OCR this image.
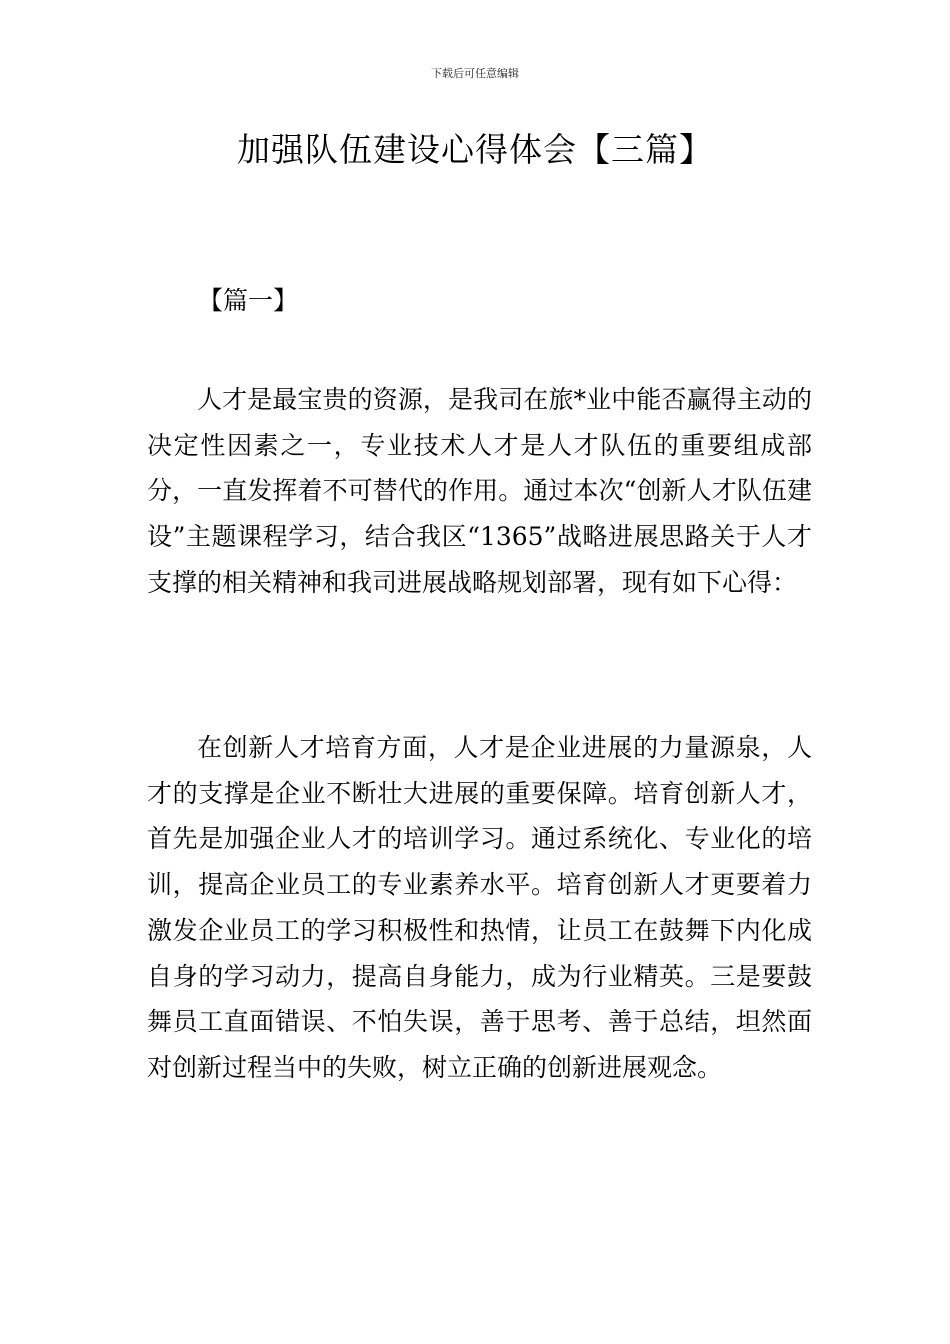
下载后可任意编辑
加强队伍建设心得体会【三篇】

【篇一】

人才是最宝贵的资源，是我司在旅*业中能否赢得主动的决定性因素之一，专业技术人才是人才队伍的重要组成部分，一直发挥着不可替代的作用。通过本次“创新人才队伍建设”主题课程学习，结合我区“1365”战略进展思路关于人才支撑的相关精神和我司进展战略规划部署，现有如下心得：

在创新人才培育方面，人才是企业进展的力量源泉，人才的支撑是企业不断壮大进展的重要保障。培育创新人才，首先是加强企业人才的培训学习。通过系统化、专业化的培训，提高企业员工的专业素养水平。培育创新人才更要着力激发企业员工的学习积极性和热情，让员工在鼓舞下内化成自身的学习动力，提高自身能力，成为行业精英。三是要鼓舞员工直面错误、不怕失误，善于思考、善于总结，坦然面对创新过程当中的失败，树立正确的创新进展观念。
